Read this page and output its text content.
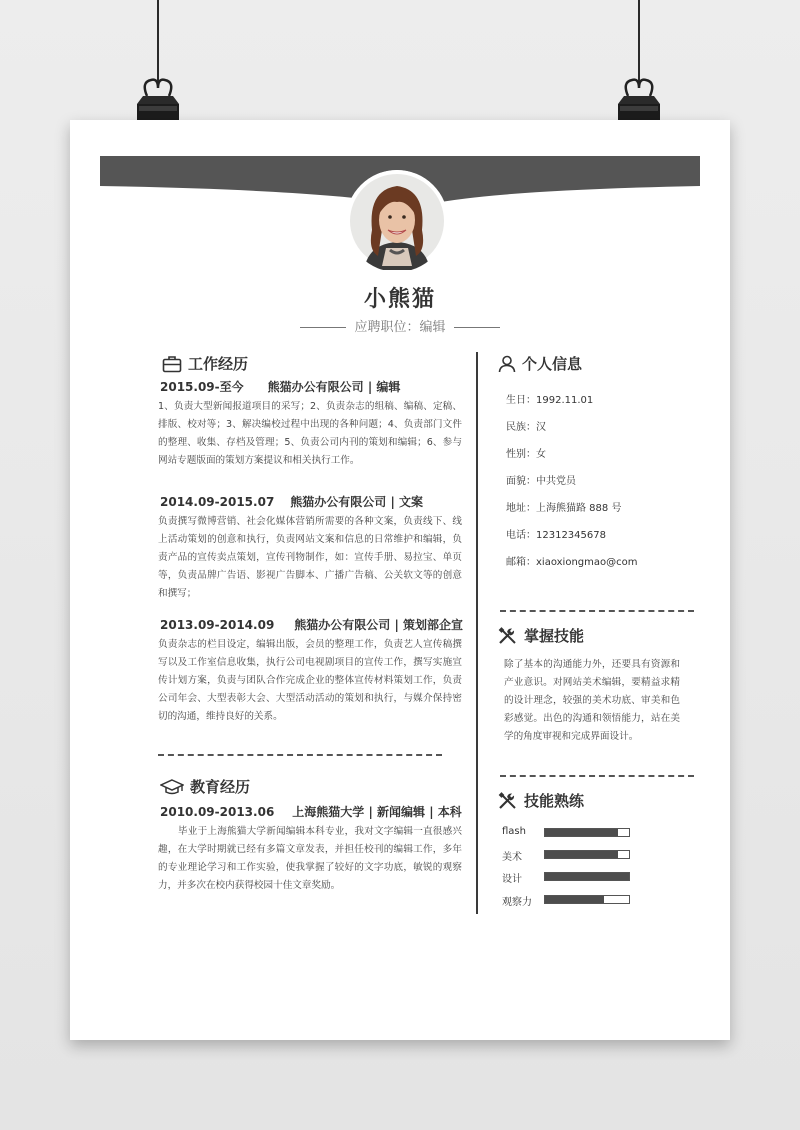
小熊猫
应聘职位：编辑
工作经历
2015.09-至今 熊猫办公有限公司 | 编辑
1、负责大型新闻报道项目的采写；2、负责杂志的组稿、编稿、定稿、排版、校对等；3、解决编校过程中出现的各种问题；4、负责部门文件的整理、收集、存档及管理；5、负责公司内刊的策划和编辑；6、参与网站专题版面的策划方案提议和相关执行工作。
2014.09-2015.07 熊猫办公有限公司 | 文案
负责撰写微博营销、社会化媒体营销所需要的各种文案，负责线下、线上活动策划的创意和执行，负责网站文案和信息的日常维护和编辑，负责产品的宣传卖点策划，宣传刊物制作，如：宣传手册、易拉宝、单页等，负责品牌广告语、影视广告脚本、广播广告稿、公关软文等的创意和撰写；
2013.09-2014.09 熊猫办公有限公司 | 策划部企宣
负责杂志的栏目设定，编辑出版，会员的整理工作，负责艺人宣传稿撰写以及工作室信息收集，执行公司电视剧项目的宣传工作，撰写实施宣传计划方案，负责与团队合作完成企业的整体宣传材料策划工作，负责公司年会、大型表彰大会、大型活动活动的策划和执行，与媒介保持密切的沟通，维持良好的关系。
教育经历
2010.09-2013.06 上海熊猫大学 | 新闻编辑 | 本科
毕业于上海熊猫大学新闻编辑本科专业，我对文字编辑一直很感兴趣，在大学时期就已经有多篇文章发表，并担任校刊的编辑工作，多年的专业理论学习和工作实验，使我掌握了较好的文字功底，敏锐的观察力，并多次在校内获得校园十佳文章奖励。
个人信息
生日：1992.11.01
民族：汉
性别：女
面貌：中共党员
地址：上海熊猫路 888 号
电话：12312345678
邮箱：xiaoxiongmao@com
掌握技能
除了基本的沟通能力外，还要具有资源和产业意识。对网站美术编辑，要精益求精的设计理念，较强的美术功底、审美和色彩感觉。出色的沟通和领悟能力，站在美学的角度审视和完成界面设计。
技能熟练
flash
美术
设计
观察力
